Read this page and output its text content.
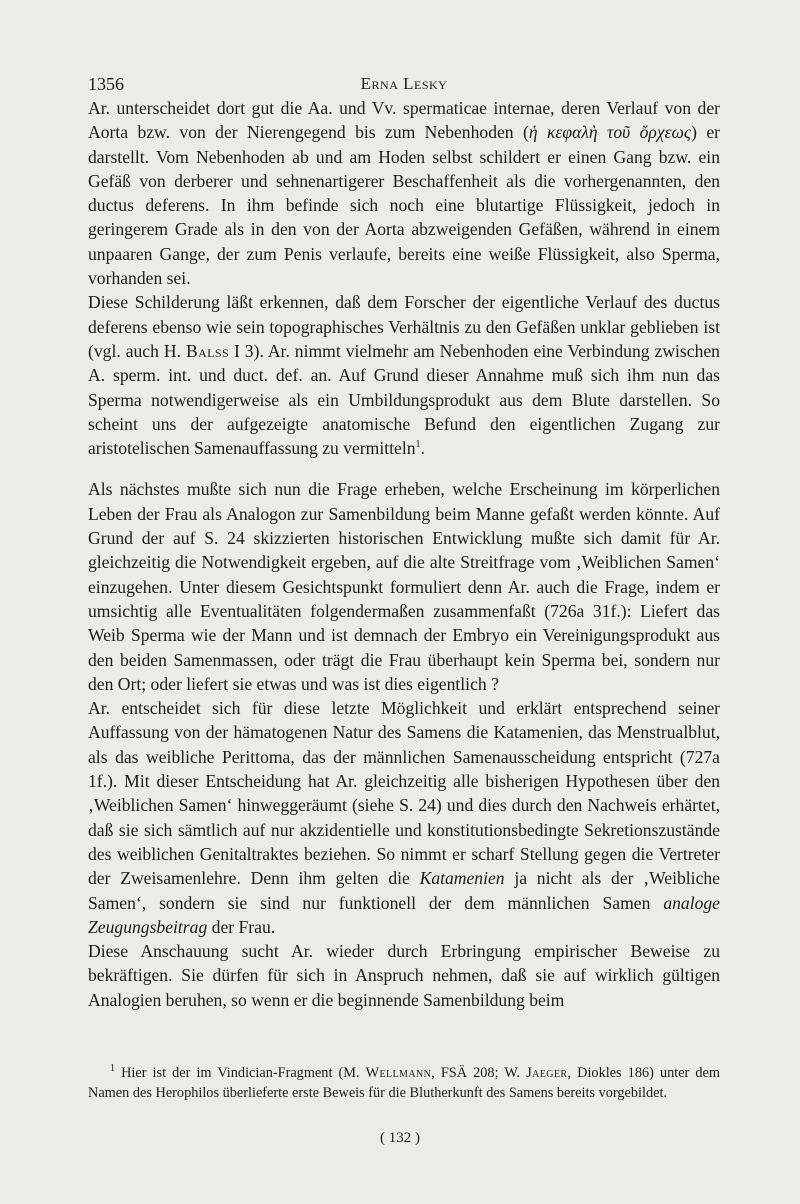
1356	Erna Lesky

Ar. unterscheidet dort gut die Aa. und Vv. spermaticae internae, deren Verlauf von der Aorta bzw. von der Nierengegend bis zum Nebenhoden (ἡ κεφαλὴ τοῦ ὄρχεως) er darstellt. Vom Nebenhoden ab und am Hoden selbst schildert er einen Gang bzw. ein Gefäß von derberer und sehnenartigerer Beschaffenheit als die vorhergenannten, den ductus deferens. In ihm befinde sich noch eine blutartige Flüssigkeit, jedoch in geringerem Grade als in den von der Aorta abzweigenden Gefäßen, während in einem unpaaren Gange, der zum Penis verlaufe, bereits eine weiße Flüssigkeit, also Sperma, vorhanden sei.

Diese Schilderung läßt erkennen, daß dem Forscher der eigentliche Verlauf des ductus deferens ebenso wie sein topographisches Verhältnis zu den Gefäßen unklar geblieben ist (vgl. auch H. Balss I 3). Ar. nimmt vielmehr am Nebenhoden eine Verbindung zwischen A. sperm. int. und duct. def. an. Auf Grund dieser Annahme muß sich ihm nun das Sperma notwendigerweise als ein Umbildungsprodukt aus dem Blute darstellen. So scheint uns der aufgezeigte anatomische Befund den eigentlichen Zugang zur aristotelischen Samenauffassung zu vermitteln$^1$.

Als nächstes mußte sich nun die Frage erheben, welche Erscheinung im körperlichen Leben der Frau als Analogon zur Samenbildung beim Manne gefaßt werden könnte. Auf Grund der auf S. 24 skizzierten historischen Entwicklung mußte sich damit für Ar. gleichzeitig die Notwendigkeit ergeben, auf die alte Streitfrage vom ‚Weiblichen Samen‘ einzugehen. Unter diesem Gesichtspunkt formuliert denn Ar. auch die Frage, indem er umsichtig alle Eventualitäten folgendermaßen zusammenfaßt (726a 31f.): Liefert das Weib Sperma wie der Mann und ist demnach der Embryo ein Vereinigungsprodukt aus den beiden Samenmassen, oder trägt die Frau überhaupt kein Sperma bei, sondern nur den Ort; oder liefert sie etwas und was ist dies eigentlich ?

Ar. entscheidet sich für diese letzte Möglichkeit und erklärt entsprechend seiner Auffassung von der hämatogenen Natur des Samens die Katamenien, das Menstrualblut, als das weibliche Perittoma, das der männlichen Samenausscheidung entspricht (727a 1f.). Mit dieser Entscheidung hat Ar. gleichzeitig alle bisherigen Hypothesen über den ‚Weiblichen Samen‘ hinweggeräumt (siehe S. 24) und dies durch den Nachweis erhärtet, daß sie sich sämtlich auf nur akzidentielle und konstitutionsbedingte Sekretionszustände des weiblichen Genitaltraktes beziehen. So nimmt er scharf Stellung gegen die Vertreter der Zweisamenlehre. Denn ihm gelten die Katamenien ja nicht als der ‚Weibliche Samen‘, sondern sie sind nur funktionell der dem männlichen Samen analoge Zeugungsbeitrag der Frau.

Diese Anschauung sucht Ar. wieder durch Erbringung empirischer Beweise zu bekräftigen. Sie dürfen für sich in Anspruch nehmen, daß sie auf wirklich gültigen Analogien beruhen, so wenn er die beginnende Samenbildung beim

$^1$ Hier ist der im Vindician-Fragment (M. Wellmann, FSÄ 208; W. Jaeger, Diokles 186) unter dem Namen des Herophilos überlieferte erste Beweis für die Blutherkunft des Samens bereits vorgebildet.
( 132 )
